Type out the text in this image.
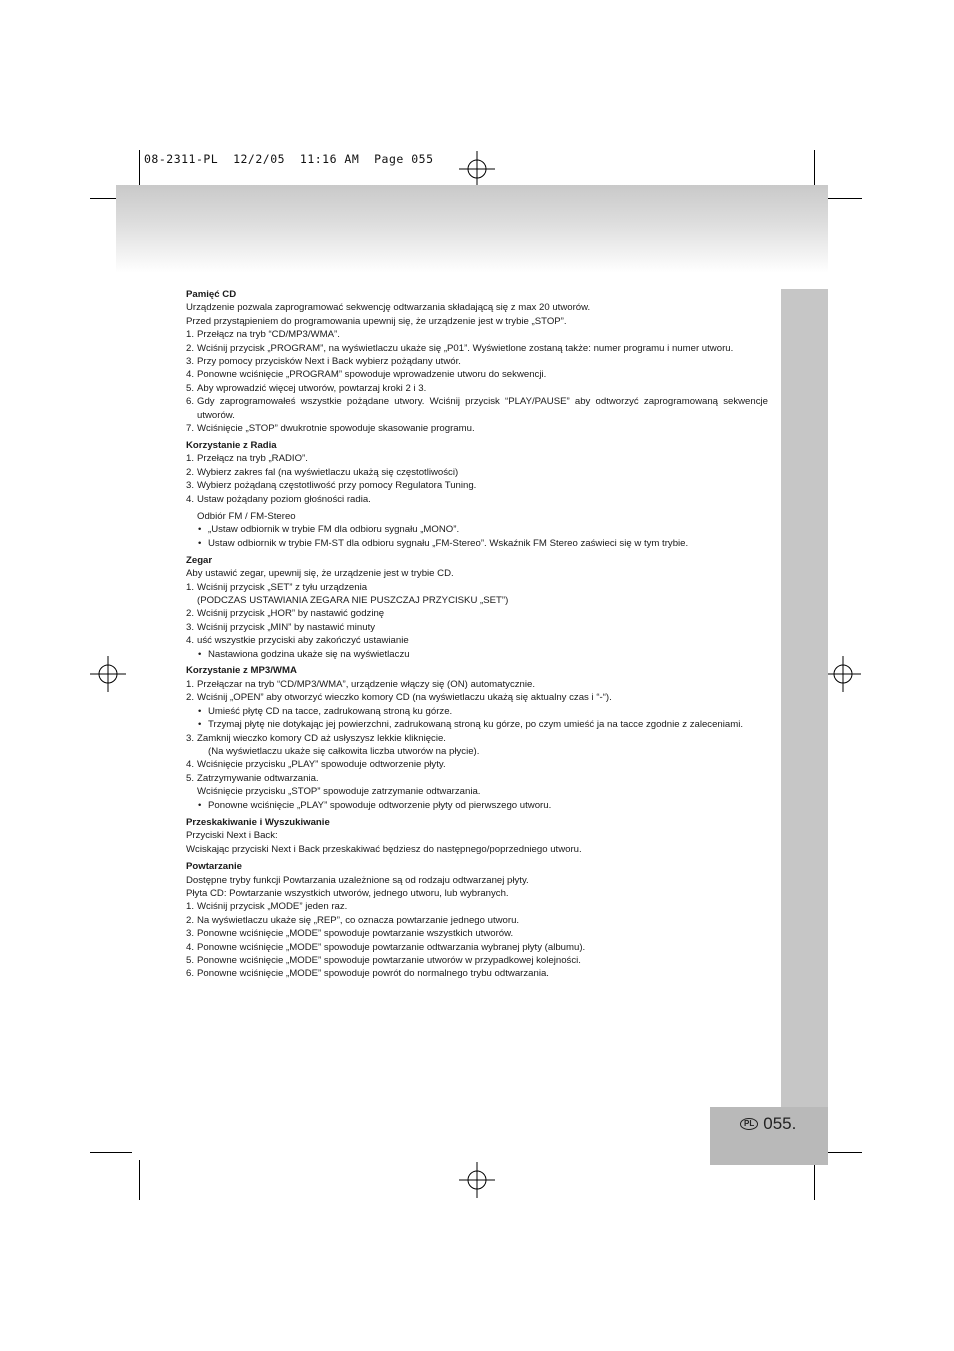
08-2311-PL  12/2/05  11:16 AM  Page 055
PL 055.
Pamięć CD

Urządzenie pozwala zaprogramować sekwencję odtwarzania składającą się z max 20 utworów.

Przed przystąpieniem do programowania upewnij się, że urządzenie jest w trybie „STOP”.

1. Przełącz na tryb “CD/MP3/WMA”.
2. Wciśnij przycisk „PROGRAM”, na wyświetlaczu ukaże się „P01”. Wyświetlone zostaną także: numer programu i numer utworu.
3. Przy pomocy przycisków Next i Back wybierz pożądany utwór.
4. Ponowne wciśnięcie „PROGRAM” spowoduje wprowadzenie utworu do sekwencji.
5. Aby wprowadzić więcej utworów, powtarzaj kroki 2 i 3.
6. Gdy zaprogramowałeś wszystkie pożądane utwory. Wciśnij przycisk “PLAY/PAUSE” aby odtworzyć zaprogramowaną sekwencje utworów.
7. Wciśnięcie „STOP” dwukrotnie spowoduje skasowanie programu.
Korzystanie z Radia
1. Przełącz na tryb „RADIO”.
2. Wybierz zakres fal (na wyświetlaczu ukażą się częstotliwości)
3. Wybierz pożądaną częstotliwość przy pomocy Regulatora Tuning.
4. Ustaw pożądany poziom głośności radia.

Odbiór FM / FM-Stereo

• „Ustaw odbiornik w trybie FM dla odbioru sygnału „MONO”.
• Ustaw odbiornik w trybie FM-ST dla odbioru sygnału „FM-Stereo”. Wskaźnik FM Stereo zaświeci się w tym trybie.
Zegar

Aby ustawić zegar, upewnij się, że urządzenie jest w trybie CD.

1. Wciśnij przycisk „SET” z tyłu urządzenia

(PODCZAS USTAWIANIA ZEGARA NIE PUSZCZAJ PRZYCISKU „SET”)

2. Wciśnij przycisk „HOR” by nastawić godzinę
3. Wciśnij przycisk „MIN” by nastawić minuty
4. uść wszystkie przyciski aby zakończyć ustawianie
• Nastawiona godzina ukaże się na wyświetlaczu
Korzystanie z MP3/WMA
1. Przełączar na tryb “CD/MP3/WMA”, urządzenie włączy się (ON) automatycznie.
2. Wciśnij „OPEN” aby otworzyć wieczko komory CD (na wyświetlaczu ukażą się aktualny czas i “-“).
• Umieść płytę CD na tacce, zadrukowaną stroną ku górze.
• Trzymaj płytę nie dotykając jej powierzchni, zadrukowaną stroną ku górze, po czym umieść ja na tacce zgodnie z zaleceniami.
3. Zamknij wieczko komory CD aż usłyszysz lekkie kliknięcie.

(Na wyświetlaczu ukaże się całkowita liczba utworów na płycie).

4. Wciśnięcie przycisku „PLAY” spowoduje odtworzenie płyty.
5. Zatrzymywanie odtwarzania.

Wciśnięcie przycisku „STOP” spowoduje zatrzymanie odtwarzania.

• Ponowne wciśnięcie „PLAY” spowoduje odtworzenie płyty od pierwszego utworu.
Przeskakiwanie i Wyszukiwanie

Przyciski Next i Back:

Wciskając przyciski Next i Back przeskakiwać będziesz do następnego/poprzedniego utworu.

Powtarzanie

Dostępne tryby funkcji Powtarzania uzależnione są od rodzaju odtwarzanej płyty.

Płyta CD: Powtarzanie wszystkich utworów, jednego utworu, lub wybranych.

1. Wciśnij przycisk „MODE” jeden raz.
2. Na wyświetlaczu ukaże się „REP”, co oznacza powtarzanie jednego utworu.
3. Ponowne wciśnięcie „MODE” spowoduje powtarzanie wszystkich utworów.
4. Ponowne wciśnięcie „MODE” spowoduje powtarzanie odtwarzania wybranej płyty (albumu).
5. Ponowne wciśnięcie „MODE” spowoduje powtarzanie utworów w przypadkowej kolejności.
6. Ponowne wciśnięcie „MODE” spowoduje powrót do normalnego trybu odtwarzania.
